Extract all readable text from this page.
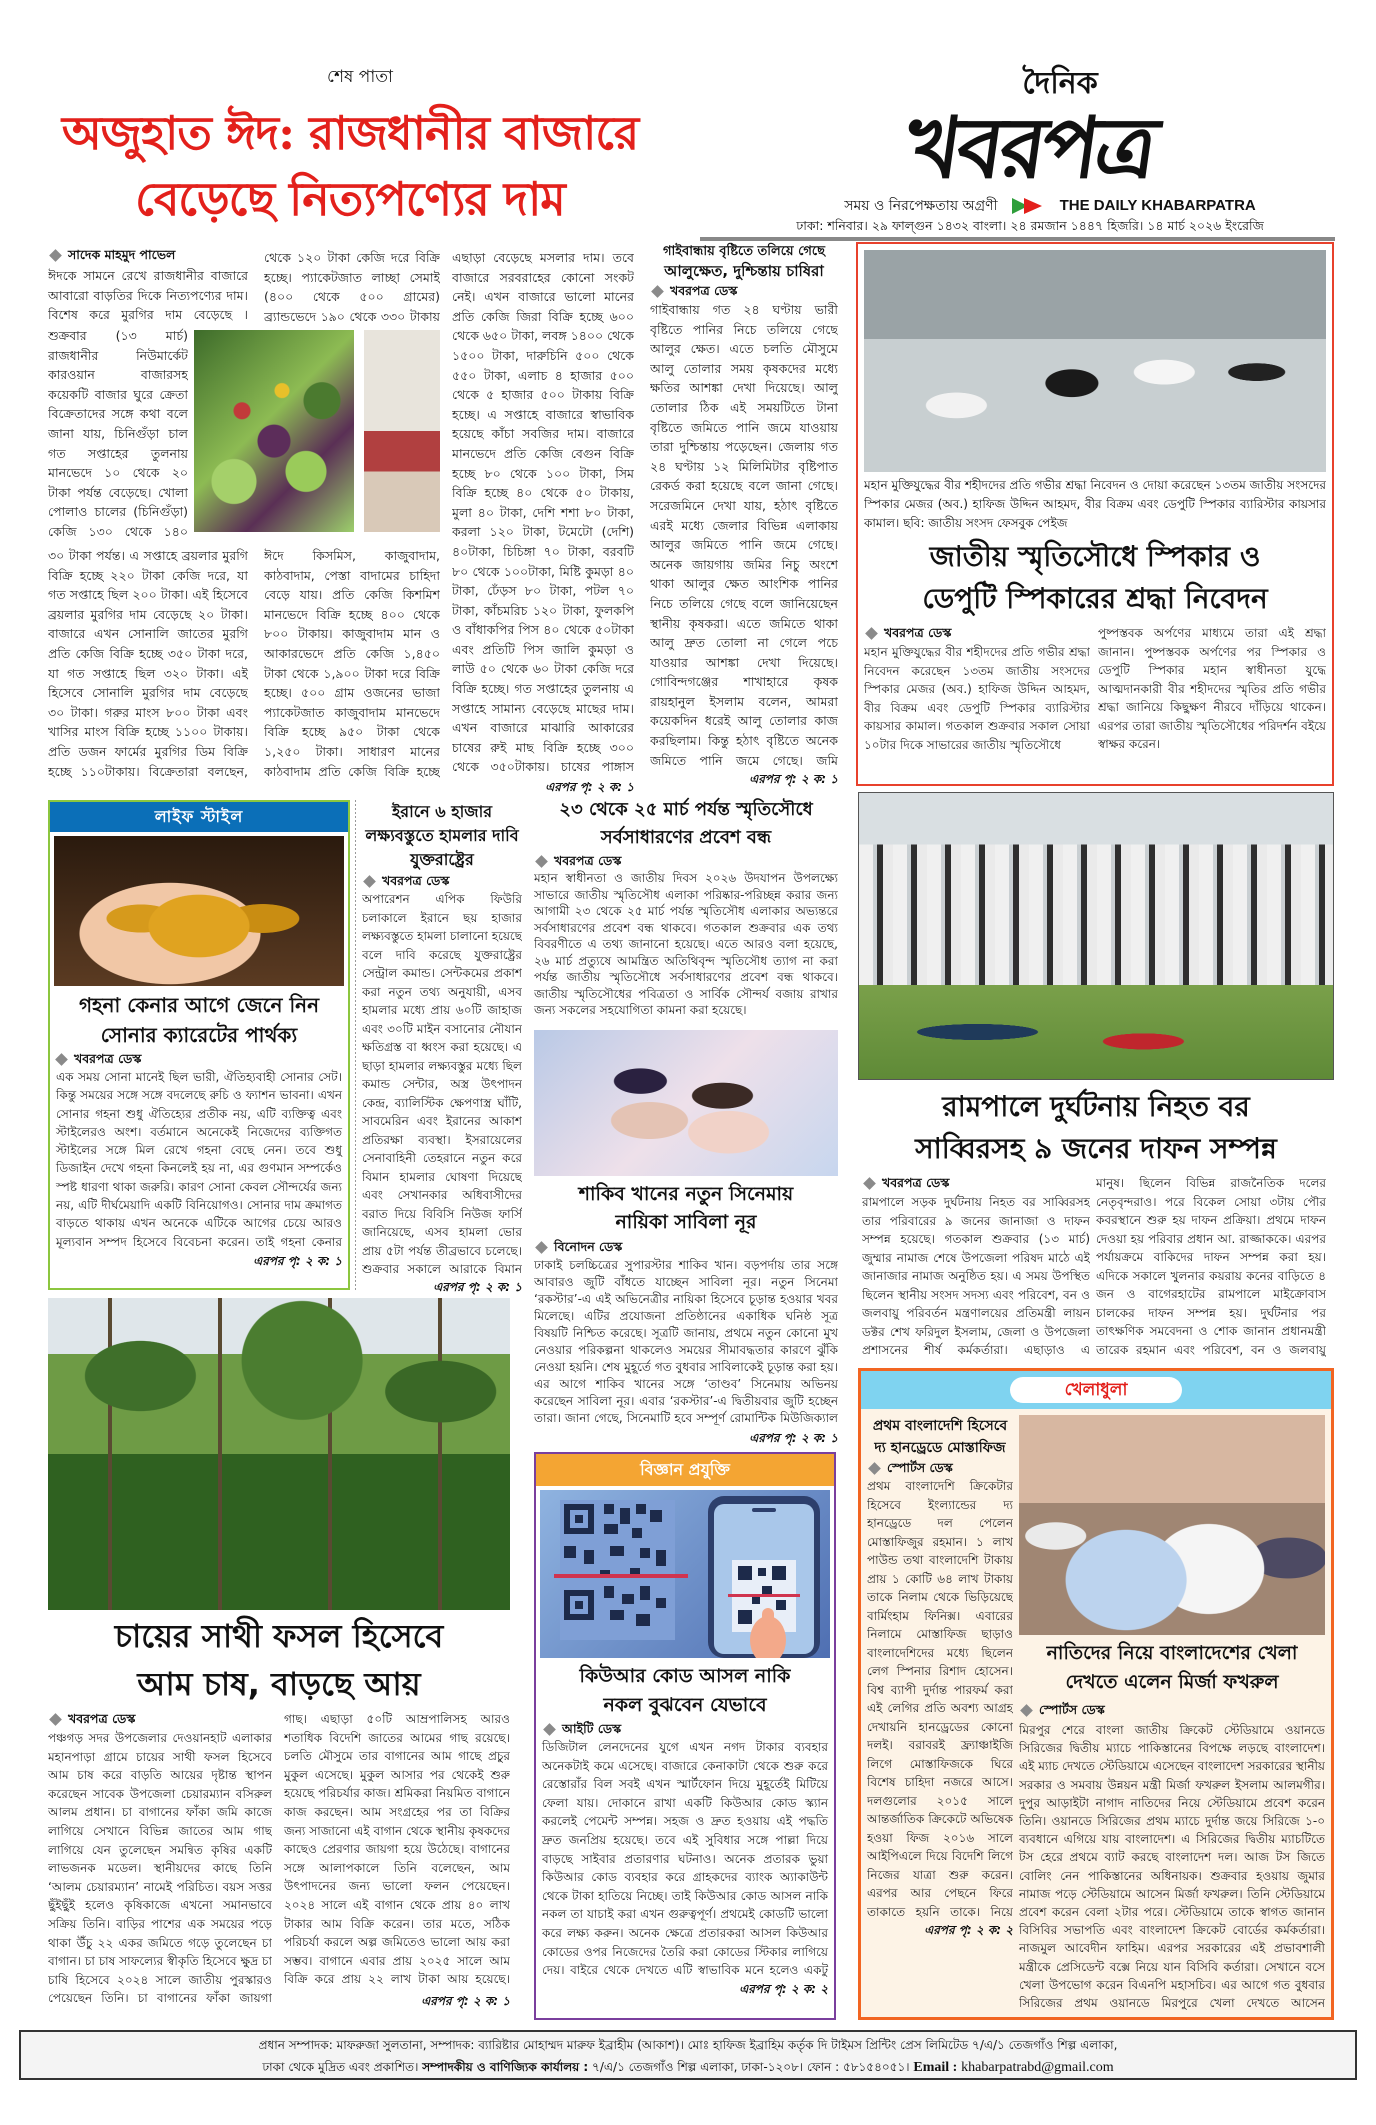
শেষ পাতা
অজুহাত ঈদ: রাজধানীর বাজারে
বেড়েছে নিত্যপণ্যের দাম
দৈনিক
খবরপত্র
সময় ও নিরপেক্ষতায় অগ্রণী	THE DAILY KHABARPATRA
ঢাকা: শনিবার। ২৯ ফাল্গুন ১৪৩২ বাংলা। ২৪ রমজান ১৪৪৭ হিজরি। ১৪ মার্চ ২০২৬ ইংরেজি
সাদেক মাহমুদ পাভেল
ঈদকে সামনে রেখে রাজধানীর বাজারে আবারো বাড়তির দিকে নিত্যপণ্যের দাম। বিশেষ করে মুরগির দাম বেড়েছে ।
শুক্রবার (১৩ মার্চ) রাজধানীর নিউমার্কেট কারওয়ান বাজারসহ কয়েকটি বাজার ঘুরে ক্রেতা বিক্রেতাদের সঙ্গে কথা বলে জানা যায়, চিনিগুঁড়া চাল গত সপ্তাহের তুলনায় মানভেদে ১০ থেকে ২০ টাকা পর্যন্ত বেড়েছে। খোলা পোলাও চালের (চিনিগুঁড়া) কেজি ১৩০ থেকে ১৪০
৩০ টাকা পর্যন্ত। এ সপ্তাহে ব্রয়লার মুরগি বিক্রি হচ্ছে ২২০ টাকা কেজি দরে, যা গত সপ্তাহে ছিল ২০০ টাকা। এই হিসেবে ব্রয়লার মুরগির দাম বেড়েছে ২০ টাকা। বাজারে এখন সোনালি জাতের মুরগি প্রতি কেজি বিক্রি হচ্ছে ৩৫০ টাকা দরে, যা গত সপ্তাহে ছিল ৩২০ টাকা। এই হিসেবে সোনালি মুরগির দাম বেড়েছে ৩০ টাকা। গরুর মাংস ৮০০ টাকা এবং খাসির মাংস বিক্রি হচ্ছে ১১০০ টাকায়। প্রতি ডজন ফার্মের মুরগির ডিম বিক্রি হচ্ছে ১১০টাকায়। বিক্রেতারা বলছেন,
থেকে ১২০ টাকা কেজি দরে বিক্রি হচ্ছে। প্যাকেটজাত লাচ্ছা সেমাই (৪০০ থেকে ৫০০ গ্রামের) ব্র্যান্ডভেদে ১৯০ থেকে ৩৩০ টাকায়
ঈদে কিসমিস, কাজুবাদাম, কাঠবাদাম, পেস্তা বাদামের চাহিদা বেড়ে যায়। প্রতি কেজি কিশমিশ মানভেদে বিক্রি হচ্ছে ৪০০ থেকে ৮০০ টাকায়। কাজুবাদাম মান ও আকারভেদে প্রতি কেজি ১,৪৫০ টাকা থেকে ১,৯০০ টাকা দরে বিক্রি হচ্ছে। ৫০০ গ্রাম ওজনের ভাজা প্যাকেটজাত কাজুবাদাম মানভেদে বিক্রি হচ্ছে ৯৫০ টাকা থেকে ১,২৫০ টাকা। সাধারণ মানের কাঠবাদাম প্রতি কেজি বিক্রি হচ্ছে
এছাড়া বেড়েছে মসলার দাম। তবে বাজারে সরবরাহের কোনো সংকট নেই। এখন বাজারে ভালো মানের প্রতি কেজি জিরা বিক্রি হচ্ছে ৬০০ থেকে ৬৫০ টাকা, লবঙ্গ ১৪০০ থেকে ১৫০০ টাকা, দারুচিনি ৫০০ থেকে ৫৫০ টাকা, এলাচ ৪ হাজার ৫০০ থেকে ৫ হাজার ৫০০ টাকায় বিক্রি হচ্ছে। এ সপ্তাহে বাজারে স্বাভাবিক হয়েছে কাঁচা সবজির দাম। বাজারে মানভেদে প্রতি কেজি বেগুন বিক্রি হচ্ছে ৮০ থেকে ১০০ টাকা, সিম বিক্রি হচ্ছে ৪০ থেকে ৫০ টাকায়, মুলা ৪০ টাকা, দেশি শশা ৮০ টাকা, করলা ১২০ টাকা, টমেটো (দেশি) ৪০টাকা, চিচিঙ্গা ৭০ টাকা, বরবটি ৮০ থেকে ১০০টাকা, মিষ্টি কুমড়া ৪০ টাকা, ঢেঁড়স ৮০ টাকা, পটল ৭০ টাকা, কাঁচমরিচ ১২০ টাকা, ফুলকপি ও বাঁধাকপির পিস ৪০ থেকে ৫০টাকা এবং প্রতিটি পিস জালি কুমড়া ও লাউ ৫০ থেকে ৬০ টাকা কেজি দরে বিক্রি হচ্ছে। গত সপ্তাহের তুলনায় এ সপ্তাহে সামান্য বেড়েছে মাছের দাম। এখন বাজারে মাঝারি আকারের চাষের রুই মাছ বিক্রি হচ্ছে ৩০০ থেকে ৩৫০টাকায়। চাষের পাঙ্গাস
এরপর পৃ: ২ ক: ১
গাইবান্ধায় বৃষ্টিতে তলিয়ে গেছে
আলুক্ষেত, দুশ্চিন্তায় চাষিরা
খবরপত্র ডেস্ক
গাইবান্ধায় গত ২৪ ঘণ্টায় ভারী বৃষ্টিতে পানির নিচে তলিয়ে গেছে আলুর ক্ষেত। এতে চলতি মৌসুমে আলু তোলার সময় কৃষকদের মধ্যে ক্ষতির আশঙ্কা দেখা দিয়েছে। আলু তোলার ঠিক এই সময়টিতে টানা বৃষ্টিতে জমিতে পানি জমে যাওয়ায় তারা দুশ্চিন্তায় পড়েছেন। জেলায় গত ২৪ ঘণ্টায় ১২ মিলিমিটার বৃষ্টিপাত রেকর্ড করা হয়েছে বলে জানা গেছে। সরেজমিনে দেখা যায়, হঠাৎ বৃষ্টিতে এরই মধ্যে জেলার বিভিন্ন এলাকায় আলুর জমিতে পানি জমে গেছে। অনেক জায়গায় জমির নিচু অংশে থাকা আলুর ক্ষেত আংশিক পানির নিচে তলিয়ে গেছে বলে জানিয়েছেন স্থানীয় কৃষকরা। এতে জমিতে থাকা আলু দ্রুত তোলা না গেলে পচে যাওয়ার আশঙ্কা দেখা দিয়েছে। গোবিন্দগঞ্জের শাখাহারে কৃষক রায়হানুল ইসলাম বলেন, আমরা কয়েকদিন ধরেই আলু তোলার কাজ করছিলাম। কিন্তু হঠাৎ বৃষ্টিতে অনেক জমিতে পানি জমে গেছে। জমি
এরপর পৃ: ২ ক: ১
মহান মুক্তিযুদ্ধের বীর শহীদদের প্রতি গভীর শ্রদ্ধা নিবেদন ও দোয়া করেছেন ১৩তম জাতীয় সংসদের স্পিকার মেজর (অব.) হাফিজ উদ্দিন আহমদ, বীর বিক্রম এবং ডেপুটি স্পিকার ব্যারিস্টার কায়সার কামাল। ছবি: জাতীয় সংসদ ফেসবুক পেইজ
জাতীয় স্মৃতিসৌধে স্পিকার ও
ডেপুটি স্পিকারের শ্রদ্ধা নিবেদন
খবরপত্র ডেস্ক
মহান মুক্তিযুদ্ধের বীর শহীদদের প্রতি গভীর শ্রদ্ধা নিবেদন করেছেন ১৩তম জাতীয় সংসদের স্পিকার মেজর (অব.) হাফিজ উদ্দিন আহমদ, বীর বিক্রম এবং ডেপুটি স্পিকার ব্যারিস্টার কায়সার কামাল। গতকাল শুক্রবার সকাল সোয়া ১০টার দিকে সাভারের জাতীয় স্মৃতিসৌধে
পুষ্পস্তবক অর্পণের মাধ্যমে তারা এই শ্রদ্ধা জানান। পুষ্পস্তবক অর্পণের পর স্পিকার ও ডেপুটি স্পিকার মহান স্বাধীনতা যুদ্ধে আত্মদানকারী বীর শহীদদের স্মৃতির প্রতি গভীর শ্রদ্ধা জানিয়ে কিছুক্ষণ নীরবে দাঁড়িয়ে থাকেন। এরপর তারা জাতীয় স্মৃতিসৌধের পরিদর্শন বইয়ে স্বাক্ষর করেন।
রামপালে দুর্ঘটনায় নিহত বর
সাব্বিরসহ ৯ জনের দাফন সম্পন্ন
খবরপত্র ডেস্ক
রামপালে সড়ক দুর্ঘটনায় নিহত বর সাব্বিরসহ তার পরিবারের ৯ জনের জানাজা ও দাফন সম্পন্ন হয়েছে। গতকাল শুক্রবার (১৩ মার্চ) জুম্মার নামাজ শেষে উপজেলা পরিষদ মাঠে এই জানাজার নামাজ অনুষ্ঠিত হয়। এ সময় উপস্থিত ছিলেন স্থানীয় সংসদ সদস্য এবং পরিবেশ, বন ও জলবায়ু পরিবর্তন মন্ত্রণালয়ের প্রতিমন্ত্রী লায়ন ডক্টর শেখ ফরিদুল ইসলাম, জেলা ও উপজেলা প্রশাসনের শীর্ষ কর্মকর্তারা। এছাড়াও এ
মানুষ। ছিলেন বিভিন্ন রাজনৈতিক দলের নেতৃবৃন্দরাও। পরে বিকেল সোয়া ৩টায় পৌর কবরস্থানে শুরু হয় দাফন প্রক্রিয়া। প্রথমে দাফন দেওয়া হয় পরিবার প্রধান আ. রাজ্জাককে। এরপর পর্যায়ক্রমে বাকিদের দাফন সম্পন্ন করা হয়। এদিকে সকালে খুলনার কয়রায় কনের বাড়িতে ৪ জন ও বাগেরহাটের রামপালে মাইক্রোবাস চালকের দাফন সম্পন্ন হয়। দুর্ঘটনার পর তাৎক্ষণিক সমবেদনা ও শোক জানান প্রধানমন্ত্রী তারেক রহমান এবং পরিবেশ, বন ও জলবায়ু
লাইফ স্টাইল
গহনা কেনার আগে জেনে নিন
সোনার ক্যারেটের পার্থক্য
খবরপত্র ডেস্ক
এক সময় সোনা মানেই ছিল ভারী, ঐতিহ্যবাহী সোনার সেট। কিন্তু সময়ের সঙ্গে সঙ্গে বদলেছে রুচি ও ফ্যাশন ভাবনা। এখন সোনার গহনা শুধু ঐতিহ্যের প্রতীক নয়, এটি ব্যক্তিত্ব এবং স্টাইলেরও অংশ। বর্তমানে অনেকেই নিজেদের ব্যক্তিগত স্টাইলের সঙ্গে মিল রেখে গহনা বেছে নেন। তবে শুধু ডিজাইন দেখে গহনা কিনলেই হয় না, এর গুণমান সম্পর্কেও স্পষ্ট ধারণা থাকা জরুরি। কারণ সোনা কেবল সৌন্দর্যের জন্য নয়, এটি দীর্ঘমেয়াদি একটি বিনিয়োগও। সোনার দাম ক্রমাগত বাড়তে থাকায় এখন অনেকে এটিকে আগের চেয়ে আরও মূল্যবান সম্পদ হিসেবে বিবেচনা করেন। তাই গহনা কেনার
এরপর পৃ: ২ ক: ১
ইরানে ৬ হাজার লক্ষ্যবস্তুতে হামলার দাবি যুক্তরাষ্ট্রের
খবরপত্র ডেস্ক
অপারেশন এপিক ফিউরি চলাকালে ইরানে ছয় হাজার লক্ষ্যবস্তুতে হামলা চালানো হয়েছে বলে দাবি করেছে যুক্তরাষ্ট্রের সেন্ট্রাল কমান্ড। সেন্টকমের প্রকাশ করা নতুন তথ্য অনুযায়ী, এসব হামলার মধ্যে প্রায় ৬০টি জাহাজ এবং ৩০টি মাইন বসানোর নৌযান ক্ষতিগ্রস্ত বা ধ্বংস করা হয়েছে। এ ছাড়া হামলার লক্ষ্যবস্তুর মধ্যে ছিল কমান্ড সেন্টার, অস্ত্র উৎপাদন কেন্দ্র, ব্যালিস্টিক ক্ষেপণাস্ত্র ঘাঁটি, সাবমেরিন এবং ইরানের আকাশ প্রতিরক্ষা ব্যবস্থা। ইসরায়েলের সেনাবাহিনী তেহরানে নতুন করে বিমান হামলার ঘোষণা দিয়েছে এবং সেখানকার অধিবাসীদের বরাত দিয়ে বিবিসি নিউজ ফার্সি জানিয়েছে, এসব হামলা ভোর প্রায় ৫টা পর্যন্ত তীব্রভাবে চলেছে। শুক্রবার সকালে আরাকে বিমান
এরপর পৃ: ২ ক: ১
২৩ থেকে ২৫ মার্চ পর্যন্ত স্মৃতিসৌধে
সর্বসাধারণের প্রবেশ বন্ধ
খবরপত্র ডেস্ক
মহান স্বাধীনতা ও জাতীয় দিবস ২০২৬ উদযাপন উপলক্ষ্যে সাভারে জাতীয় স্মৃতিসৌধ এলাকা পরিষ্কার-পরিচ্ছন্ন করার জন্য আগামী ২৩ থেকে ২৫ মার্চ পর্যন্ত স্মৃতিসৌধ এলাকার অভ্যন্তরে সর্বসাধারণের প্রবেশ বন্ধ থাকবে। গতকাল শুক্রবার এক তথ্য বিবরণীতে এ তথ্য জানানো হয়েছে। এতে আরও বলা হয়েছে, ২৬ মার্চ প্রত্যুষে আমন্ত্রিত অতিথিবৃন্দ স্মৃতিসৌধ ত্যাগ না করা পর্যন্ত জাতীয় স্মৃতিসৌধে সর্বসাধারণের প্রবেশ বন্ধ থাকবে। জাতীয় স্মৃতিসৌধের পবিত্রতা ও সার্বিক সৌন্দর্য বজায় রাখার জন্য সকলের সহযোগিতা কামনা করা হয়েছে।
শাকিব খানের নতুন সিনেমায়
নায়িকা সাবিলা নূর
বিনোদন ডেস্ক
ঢাকাই চলচ্চিত্রের সুপারস্টার শাকিব খান। বড়পর্দায় তার সঙ্গে আবারও জুটি বাঁধতে যাচ্ছেন সাবিলা নূর। নতুন সিনেমা ‘রকস্টার’-এ এই অভিনেত্রীর নায়িকা হিসেবে চূড়ান্ত হওয়ার খবর মিলেছে। এটির প্রযোজনা প্রতিষ্ঠানের একাধিক ঘনিষ্ঠ সূত্র বিষয়টি নিশ্চিত করেছে। সূত্রটি জানায়, প্রথমে নতুন কোনো মুখ নেওয়ার পরিকল্পনা থাকলেও সময়ের সীমাবদ্ধতার কারণে ঝুঁকি নেওয়া হয়নি। শেষ মুহূর্তে গত বুধবার সাবিলাকেই চূড়ান্ত করা হয়। এর আগে শাকিব খানের সঙ্গে ‘তাণ্ডব’ সিনেমায় অভিনয় করেছেন সাবিলা নূর। এবার ‘রকস্টার’-এ দ্বিতীয়বার জুটি হচ্ছেন তারা। জানা গেছে, সিনেমাটি হবে সম্পূর্ণ রোমান্টিক মিউজিক্যাল
এরপর পৃ: ২ ক: ১
চায়ের সাথী ফসল হিসেবে
আম চাষ, বাড়ছে আয়
খবরপত্র ডেস্ক
পঞ্চগড় সদর উপজেলার দেওয়ানহাট এলাকার মহানপাড়া গ্রামে চায়ের সাথী ফসল হিসেবে আম চাষ করে বাড়তি আয়ের দৃষ্টান্ত স্থাপন করেছেন সাবেক উপজেলা চেয়ারম্যান বসিরুল আলম প্রধান। চা বাগানের ফাঁকা জমি কাজে লাগিয়ে সেখানে বিভিন্ন জাতের আম গাছ লাগিয়ে যেন তুলেছেন সমন্বিত কৃষির একটি লাভজনক মডেল। স্থানীয়দের কাছে তিনি ‘আলম চেয়ারম্যান’ নামেই পরিচিত। বয়স সত্তর ছুঁইছুঁই হলেও কৃষিকাজে এখনো সমানভাবে সক্রিয় তিনি। বাড়ির পাশের এক সময়ের পড়ে থাকা উঁচু ২২ একর জমিতে গড়ে তুলেছেন চা বাগান। চা চাষ সাফল্যের স্বীকৃতি হিসেবে ক্ষুদ্র চা চাষি হিসেবে ২০২৪ সালে জাতীয় পুরস্কারও পেয়েছেন তিনি। চা বাগানের ফাঁকা জায়গা
গাছ। এছাড়া ৫০টি আম্রপালিসহ আরও শতাধিক বিদেশি জাতের আমের গাছ রয়েছে। চলতি মৌসুমে তার বাগানের আম গাছে প্রচুর মুকুল এসেছে। মুকুল আসার পর থেকেই শুরু হয়েছে পরিচর্যার কাজ। শ্রমিকরা নিয়মিত বাগানে কাজ করছেন। আম সংগ্রহের পর তা বিক্রির জন্য সাজানো এই বাগান থেকে স্থানীয় কৃষকদের কাছেও প্রেরণার জায়গা হয়ে উঠেছে। বাগানের সঙ্গে আলাপকালে তিনি বলেছেন, আম উৎপাদনের জন্য ভালো ফলন পেয়েছেন। ২০২৪ সালে এই বাগান থেকে প্রায় ৪০ লাখ টাকার আম বিক্রি করেন। তার মতে, সঠিক পরিচর্যা করলে অল্প জমিতেও ভালো আয় করা সম্ভব। বাগানে এবার প্রায় ২০২৫ সালে আম বিক্রি করে প্রায় ২২ লাখ টাকা আয় হয়েছে।
এরপর পৃ: ২ ক: ১
বিজ্ঞান প্রযুক্তি
কিউআর কোড আসল নাকি
নকল বুঝবেন যেভাবে
আইটি ডেস্ক
ডিজিটাল লেনদেনের যুগে এখন নগদ টাকার ব্যবহার অনেকটাই কমে এসেছে। বাজারে কেনাকাটা থেকে শুরু করে রেস্তোরাঁর বিল সবই এখন স্মার্টফোন দিয়ে মুহূর্তেই মিটিয়ে ফেলা যায়। দোকানে রাখা একটি কিউআর কোড স্ক্যান করলেই পেমেন্ট সম্পন্ন। সহজ ও দ্রুত হওয়ায় এই পদ্ধতি দ্রুত জনপ্রিয় হয়েছে। তবে এই সুবিধার সঙ্গে পাল্লা দিয়ে বাড়ছে সাইবার প্রতারণার ঘটনাও। অনেক প্রতারক ভুয়া কিউআর কোড ব্যবহার করে গ্রাহকদের ব্যাংক অ্যাকাউন্ট থেকে টাকা হাতিয়ে নিচ্ছে। তাই কিউআর কোড আসল নাকি নকল তা যাচাই করা এখন গুরুত্বপূর্ণ। প্রথমেই কোডটি ভালো করে লক্ষ্য করুন। অনেক ক্ষেত্রে প্রতারকরা আসল কিউআর কোডের ওপর নিজেদের তৈরি করা কোডের স্টিকার লাগিয়ে দেয়। বাইরে থেকে দেখতে এটি স্বাভাবিক মনে হলেও একটু
এরপর পৃ: ২ ক: ২
খেলাধুলা
প্রথম বাংলাদেশি হিসেবে
দ্য হানড্রেডে মোস্তাফিজ
স্পোর্টস ডেস্ক
প্রথম বাংলাদেশি ক্রিকেটার হিসেবে ইংল্যান্ডের দ্য হানড্রেডে দল পেলেন মোস্তাফিজুর রহমান। ১ লাখ পাউন্ড তথা বাংলাদেশি টাকায় প্রায় ১ কোটি ৬৪ লাখ টাকায় তাকে নিলাম থেকে ভিড়িয়েছে বার্মিংহাম ফিনিক্স। এবারের নিলামে মোস্তাফিজ ছাড়াও বাংলাদেশিদের মধ্যে ছিলেন লেগ স্পিনার রিশাদ হোসেন। বিশ্ব ব্যাপী দুর্দান্ত পারফর্ম করা এই লেগির প্রতি অবশ্য আগ্রহ দেখায়নি হানড্রেডের কোনো দলই। বরাবরই ফ্র্যাঞ্চাইজি লিগে মোস্তাফিজকে ঘিরে বিশেষ চাহিদা নজরে আসে। দলগুলোর ২০১৫ সালে আন্তর্জাতিক ক্রিকেটে অভিষেক হওয়া ফিজ ২০১৬ সালে আইপিএলে দিয়ে বিদেশি লিগে নিজের যাত্রা শুরু করেন। এরপর আর পেছনে ফিরে তাকাতে হয়নি তাকে। নিয়ে
এরপর পৃ: ২ ক: ২
নাতিদের নিয়ে বাংলাদেশের খেলা
দেখতে এলেন মির্জা ফখরুল
স্পোর্টস ডেস্ক
মিরপুর শেরে বাংলা জাতীয় ক্রিকেট স্টেডিয়ামে ওয়ানডে সিরিজের দ্বিতীয় ম্যাচে পাকিস্তানের বিপক্ষে লড়ছে বাংলাদেশ। এই ম্যাচ দেখতে স্টেডিয়ামে এসেছেন বাংলাদেশ সরকারের স্থানীয় সরকার ও সমবায় উন্নয়ন মন্ত্রী মির্জা ফখরুল ইসলাম আলমগীর। দুপুর আড়াইটা নাগাদ নাতিদের নিয়ে স্টেডিয়ামে প্রবেশ করেন তিনি। ওয়ানডে সিরিজের প্রথম ম্যাচে দুর্দান্ত জয়ে সিরিজে ১-০ ব্যবধানে এগিয়ে যায় বাংলাদেশ। এ সিরিজের দ্বিতীয় ম্যাচটিতে টস হেরে প্রথমে ব্যাট করছে বাংলাদেশ দল। আজ টস জিতে বোলিং নেন পাকিস্তানের অধিনায়ক। শুক্রবার হওয়ায় জুমার নামাজ পড়ে স্টেডিয়ামে আসেন মির্জা ফখরুল। তিনি স্টেডিয়ামে প্রবেশ করেন বেলা ২টার পরে। স্টেডিয়ামে তাকে স্বাগত জানান বিসিবির সভাপতি এবং বাংলাদেশ ক্রিকেট বোর্ডের কর্মকর্তারা। নাজমুল আবেদীন ফাহিম। এরপর সরকারের এই প্রভাবশালী মন্ত্রীকে প্রেসিডেন্ট বক্সে নিয়ে যান বিসিবি কর্তারা। সেখানে বসে খেলা উপভোগ করেন বিএনপি মহাসচিব। এর আগে গত বুধবার সিরিজের প্রথম ওয়ানডে মিরপুরে খেলা দেখতে আসেন
প্রধান সম্পাদক: মাফরুজা সুলতানা, সম্পাদক: ব্যারিষ্টার মোহাম্মদ মারুফ ইব্রাহীম (আকাশ)। মোঃ হাফিজ ইব্রাহিম কর্তৃক দি টাইমস প্রিন্টিং প্রেস লিমিটেড ৭/এ/১ তেজগাঁও শিল্প এলাকা,
ঢাকা থেকে মুদ্রিত এবং প্রকাশিত। সম্পাদকীয় ও বাণিজ্যিক কার্যালয় : ৭/এ/১ তেজগাঁও শিল্প এলাকা, ঢাকা-১২০৮। ফোন : ৫৮১৫৪০৫১। Email : khabarpatrabd@gmail.com
